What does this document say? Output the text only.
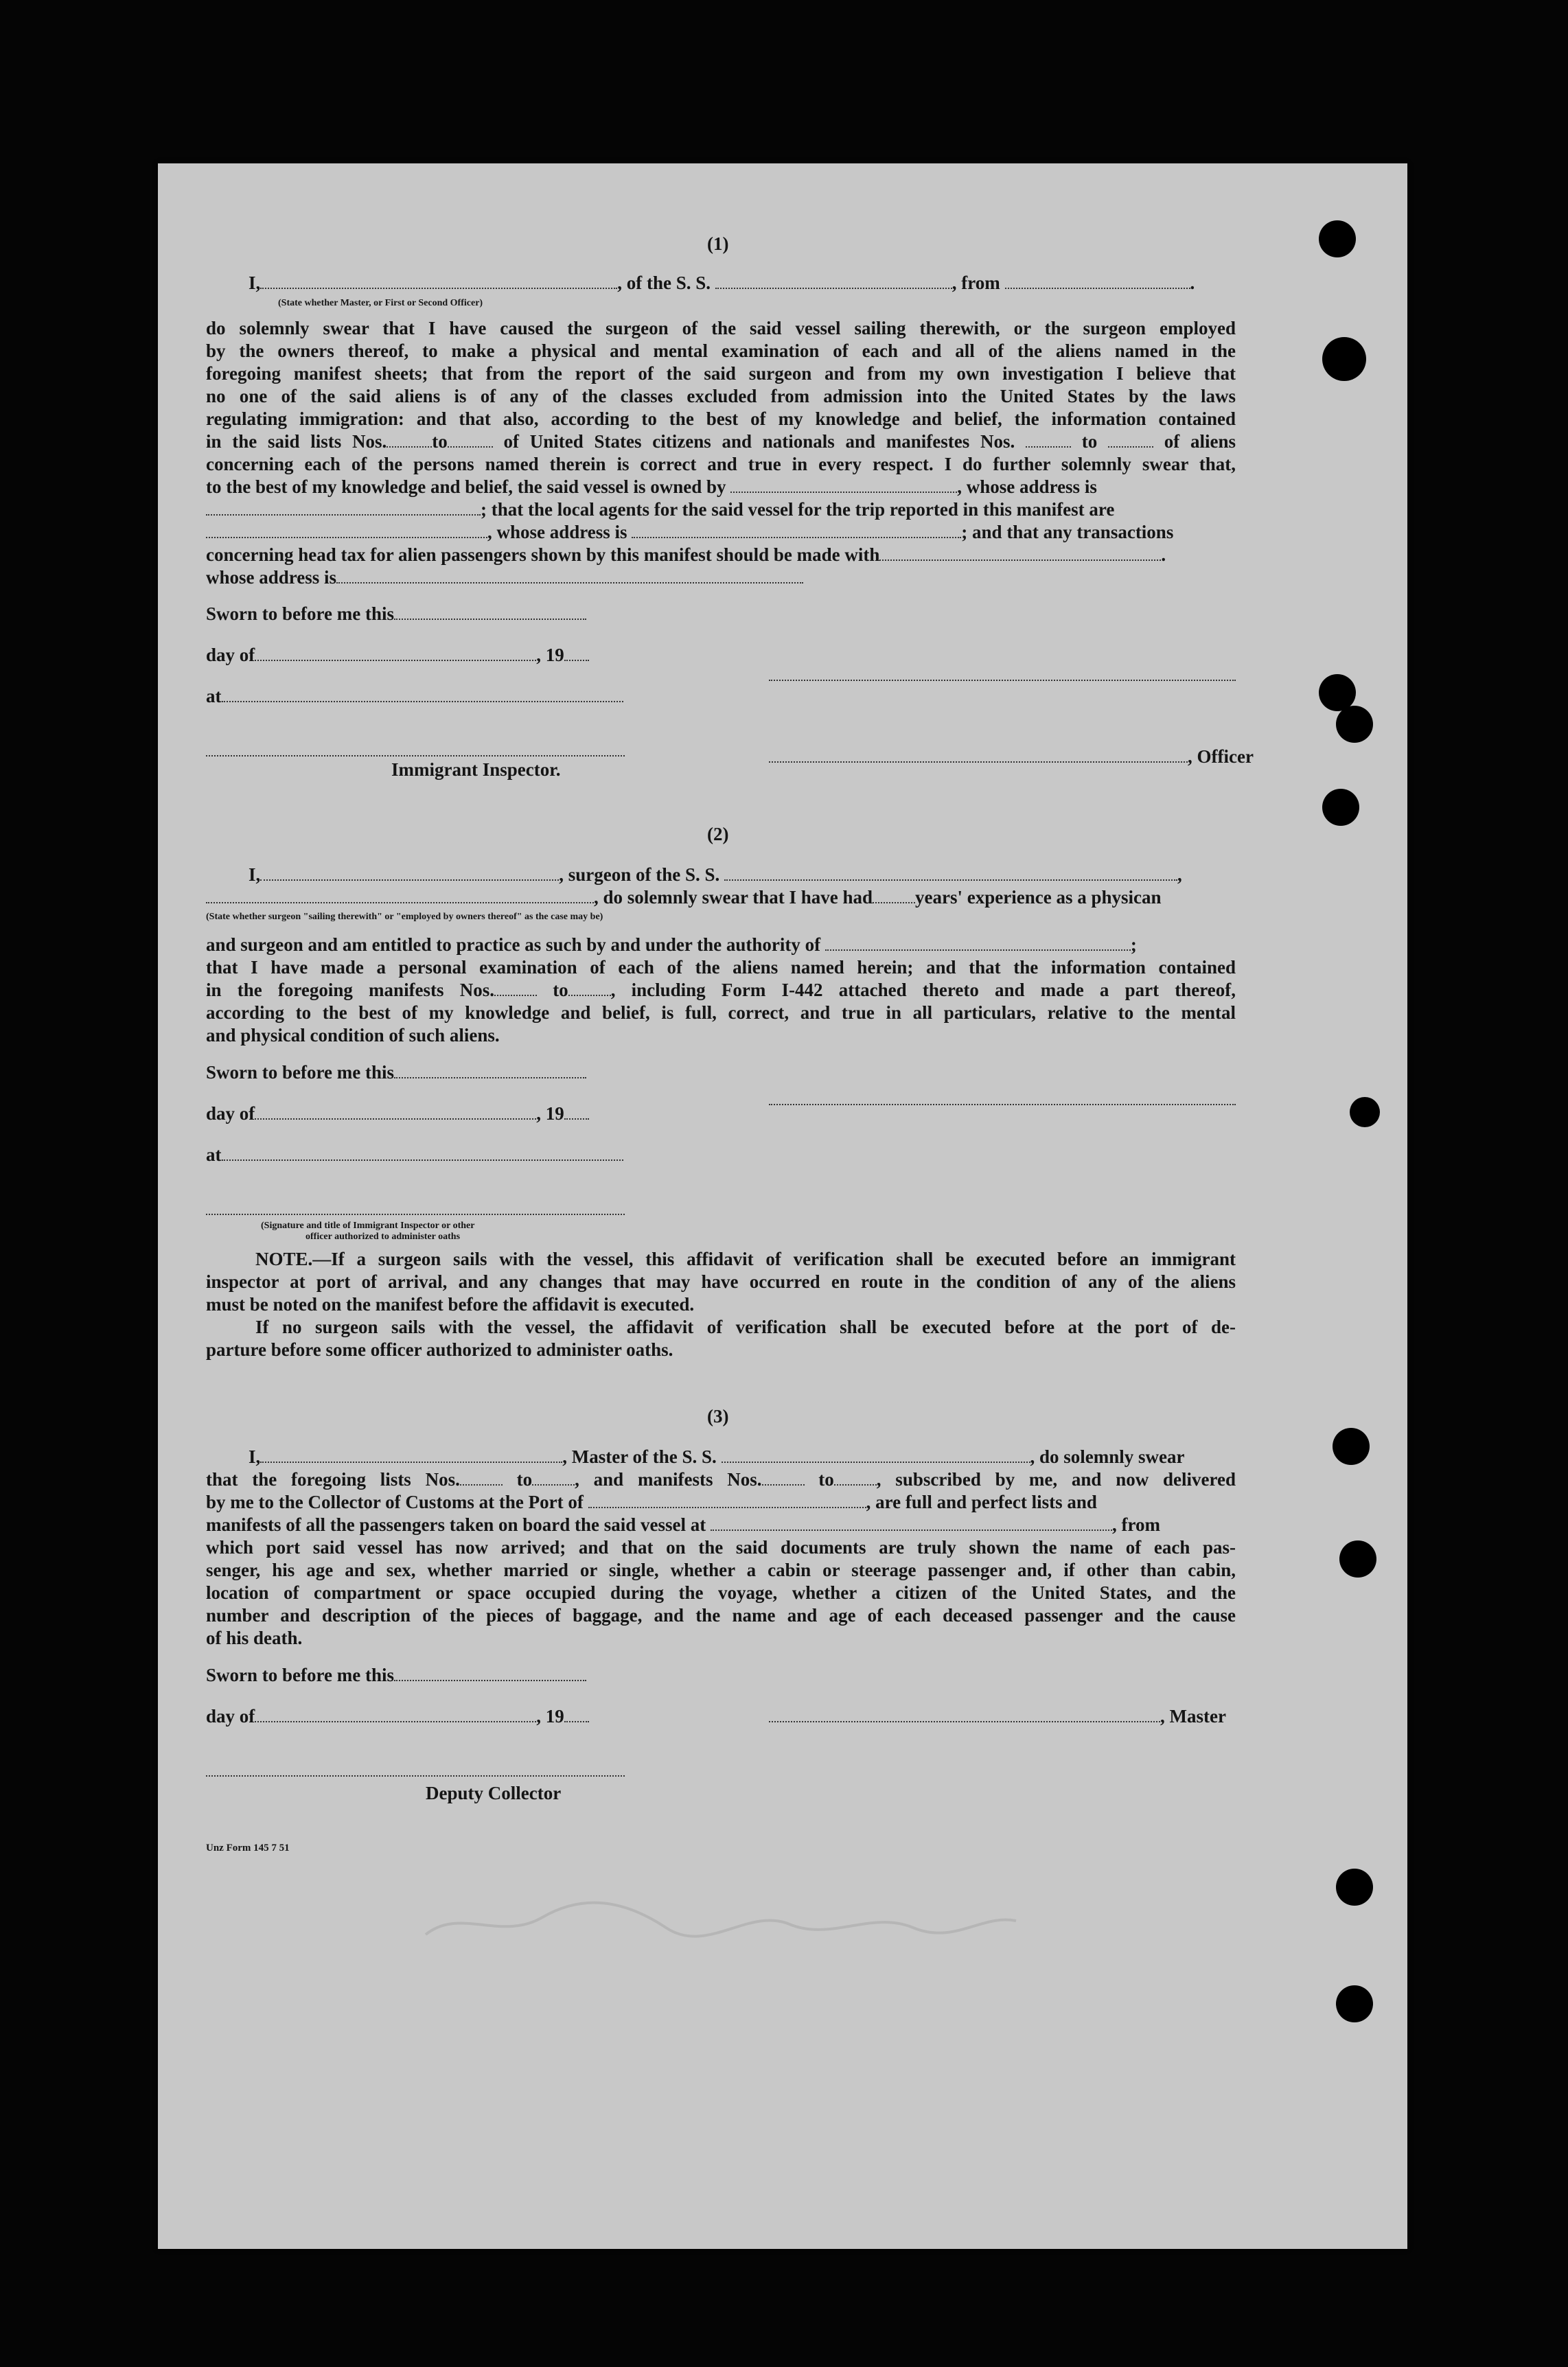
(1)
I,	, of the S. S.	, from	.
(State whether Master, or First or Second Officer)
do solemnly swear that I have caused the surgeon of the said vessel sailing therewith, or the surgeon employed
by the owners thereof, to make a physical and mental examination of each and all of the aliens named in the
foregoing manifest sheets; that from the report of the said surgeon and from my own investigation I believe that
no one of the said aliens is of any of the classes excluded from admission into the United States by the laws
regulating immigration: and that also, according to the best of my knowledge and belief, the information contained
in the said lists Nos. to	of United States citizens and nationals and manifestes Nos.	to	of aliens
concerning each of the persons named therein is correct and true in every respect. I do further solemnly swear that,
to the best of my knowledge and belief, the said vessel is owned by	, whose address is
; that the local agents for the said vessel for the trip reported in this manifest are
, whose address is	; and that any transactions
concerning head tax for alien passengers shown by this manifest should be made with	.
whose address is
Sworn to before me this
day of	, 19
at
, Officer
Immigrant Inspector.
(2)
I,	, surgeon of the S. S.	,
, do solemnly swear that I have had years' experience as a physican
(State whether surgeon "sailing therewith" or "employed by owners thereof" as the case may be)
and surgeon and am entitled to practice as such by and under the authority of	;
that I have made a personal examination of each of the aliens named herein; and that the information contained
in the foregoing manifests Nos.	to , including Form I-442 attached thereto and made a part thereof,
according to the best of my knowledge and belief, is full, correct, and true in all particulars, relative to the mental
and physical condition of such aliens.
Sworn to before me this
day of	, 19
at
(Signature and title of Immigrant Inspector or other
officer authorized to administer oaths
NOTE.—If a surgeon sails with the vessel, this affidavit of verification shall be executed before an immigrant
inspector at port of arrival, and any changes that may have occurred en route in the condition of any of the aliens
must be noted on the manifest before the affidavit is executed.
If no surgeon sails with the vessel, the affidavit of verification shall be executed before at the port of de-
parture before some officer authorized to administer oaths.
(3)
I,	, Master of the S. S.	, do solemnly swear
that the foregoing lists Nos.	to , and manifests Nos.	to , subscribed by me, and now delivered
by me to the Collector of Customs at the Port of	, are full and perfect lists and
manifests of all the passengers taken on board the said vessel at	, from
which port said vessel has now arrived; and that on the said documents are truly shown the name of each pas-
senger, his age and sex, whether married or single, whether a cabin or steerage passenger and, if other than cabin,
location of compartment or space occupied during the voyage, whether a citizen of the United States, and the
number and description of the pieces of baggage, and the name and age of each deceased passenger and the cause
of his death.
Sworn to before me this
day of	, 19	, Master
Deputy Collector
Unz Form 145 7 51
